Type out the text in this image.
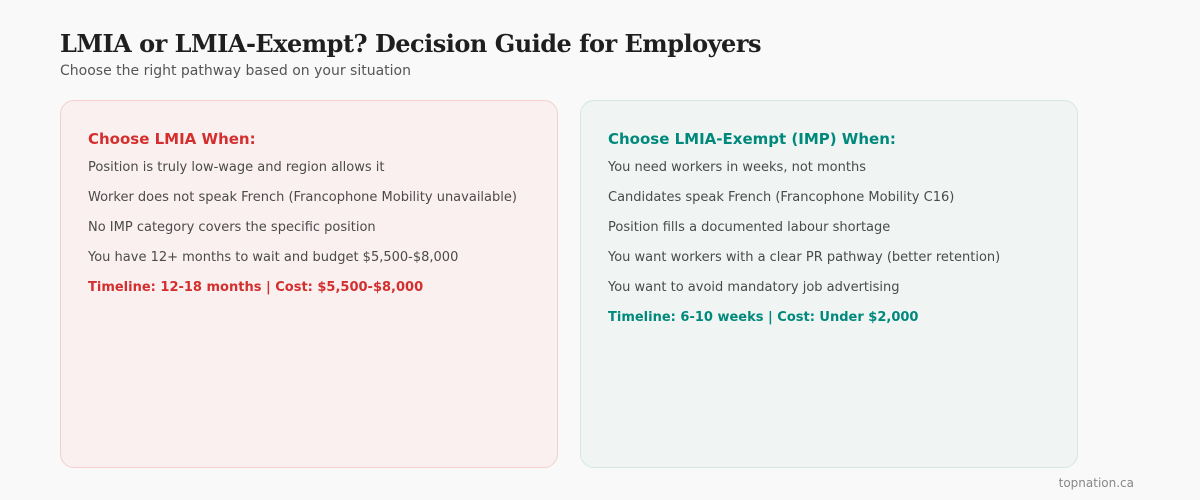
LMIA or LMIA-Exempt? Decision Guide for Employers

Choose the right pathway based on your situation

Choose LMIA When:
Position is truly low-wage and region allows it
Worker does not speak French (Francophone Mobility unavailable)
No IMP category covers the specific position
You have 12+ months to wait and budget $5,500-$8,000

Timeline: 12-18 months | Cost: $5,500-$8,000

Choose LMIA-Exempt (IMP) When:
You need workers in weeks, not months
Candidates speak French (Francophone Mobility C16)
Position fills a documented labour shortage
You want workers with a clear PR pathway (better retention)
You want to avoid mandatory job advertising

Timeline: 6-10 weeks | Cost: Under $2,000

topnation.ca
